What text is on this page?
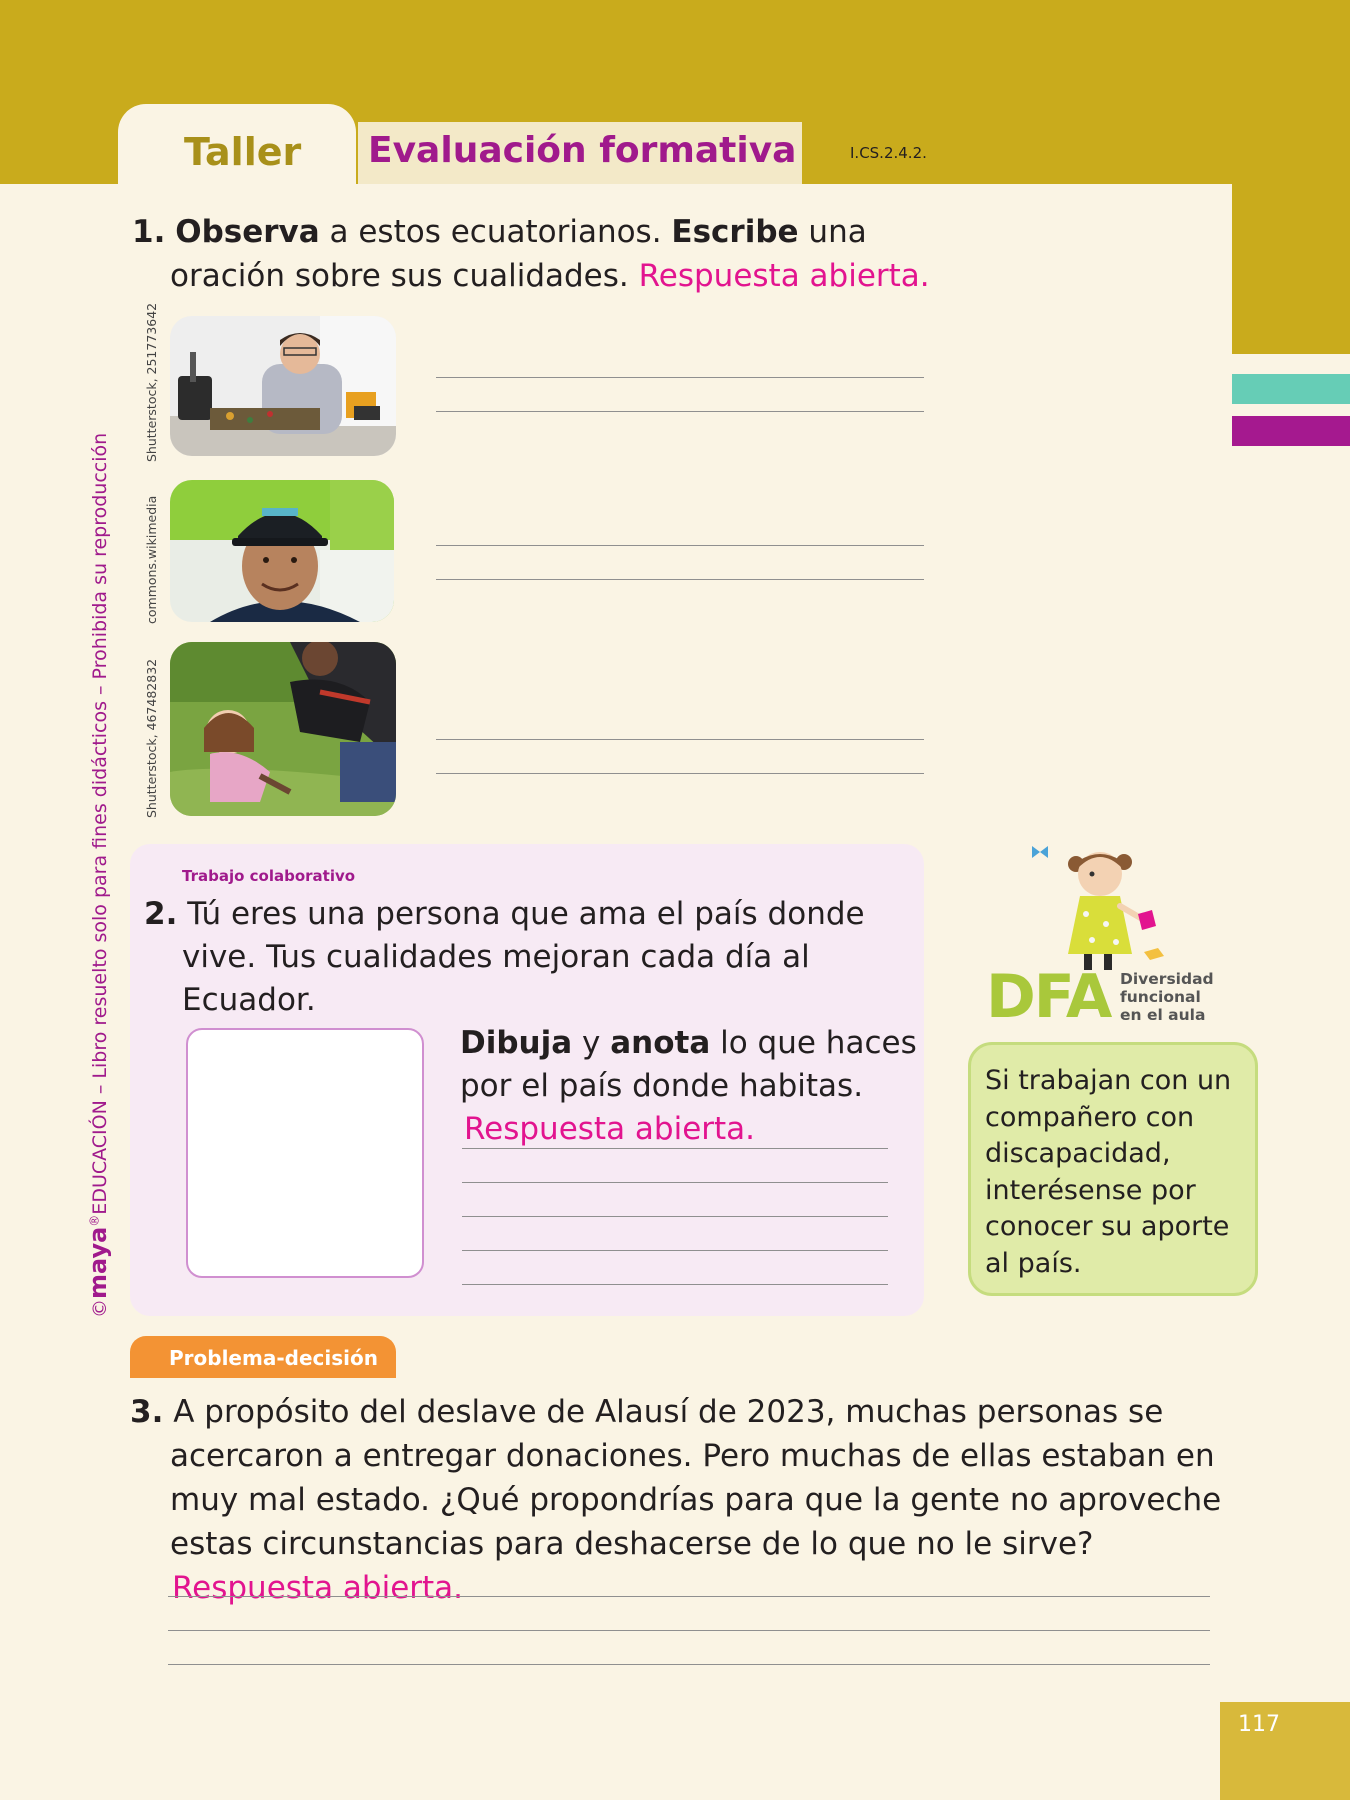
Taller Evaluación formativa	I.CS.2.4.2.
©maya®EDUCACIÓN – Libro resuelto solo para fines didácticos – Prohibida su reproducción
1. Observa a estos ecuatorianos. Escribe una
oración sobre sus cualidades. Respuesta abierta.
Shutterstock, 251773642
commons.wikimedia
Shutterstock, 467482832
Trabajo colaborativo
2. Tú eres una persona que ama el país donde
vive. Tus cualidades mejoran cada día al
Ecuador.
Dibuja y anota lo que haces
por el país donde habitas.
Respuesta abierta.
DFA Diversidad
funcional
en el aula
Si trabajan con un compañero con discapacidad, interésense por conocer su aporte al país.
Problema-decisión
3. A propósito del deslave de Alausí de 2023, muchas personas se
acercaron a entregar donaciones. Pero muchas de ellas estaban en
muy mal estado. ¿Qué propondrías para que la gente no aproveche
estas circunstancias para deshacerse de lo que no le sirve?
Respuesta abierta.
117
